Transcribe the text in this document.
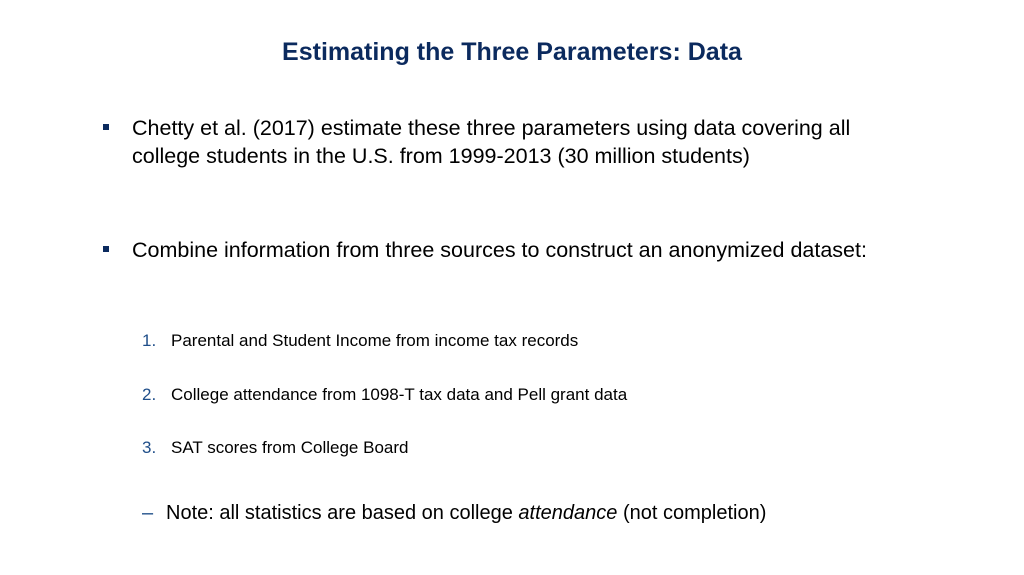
Estimating the Three Parameters: Data
Chetty et al. (2017) estimate these three parameters using data covering all college students in the U.S. from 1999-2013 (30 million students)
Combine information from three sources to construct an anonymized dataset:
1. Parental and Student Income from income tax records
2. College attendance from 1098-T tax data and Pell grant data
3. SAT scores from College Board
– Note: all statistics are based on college attendance (not completion)
